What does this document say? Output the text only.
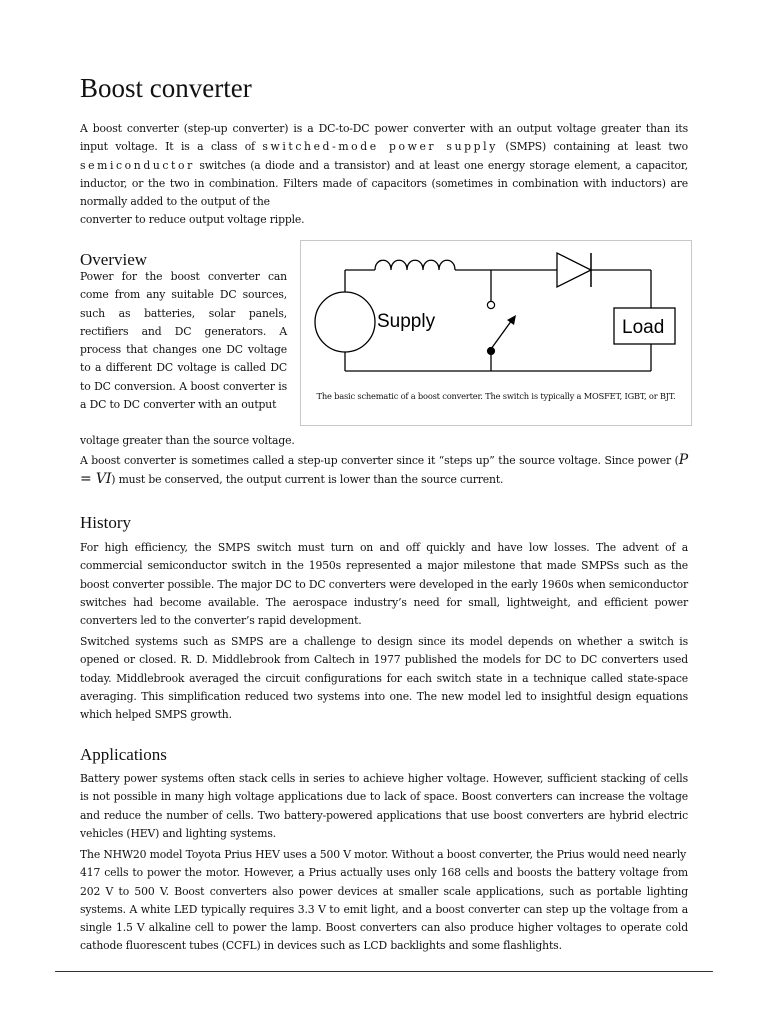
Boost converter

A boost converter (step-up converter) is a DC-to-DC power converter with an output voltage greater than its input voltage. It is a class of switched-mode power supply (SMPS) containing at least two semiconductor switches (a diode and a transistor) and at least one energy storage element, a capacitor, inductor, or the two in combination. Filters made of capacitors (sometimes in combination with inductors) are normally added to the output of the
converter to reduce output voltage ripple.

Overview

Power for the boost converter can come from any suitable DC sources, such as batteries, solar panels, rectifiers and DC generators. A process that changes one DC voltage to a different DC voltage is called DC to DC conversion. A boost converter is a DC to DC converter with an output

voltage greater than the source voltage.

Supply	Load

The basic schematic of a boost converter. The switch is typically a MOSFET, IGBT, or BJT.

A boost converter is sometimes called a step-up converter since it “steps up” the source voltage. Since power (P = VI) must be conserved, the output current is lower than the source current.

History

For high efficiency, the SMPS switch must turn on and off quickly and have low losses. The advent of a commercial semiconductor switch in the 1950s represented a major milestone that made SMPSs such as the boost converter possible. The major DC to DC converters were developed in the early 1960s when semiconductor switches had become available. The aerospace industry’s need for small, lightweight, and efficient power converters led to the converter’s rapid development.

Switched systems such as SMPS are a challenge to design since its model depends on whether a switch is opened or closed. R. D. Middlebrook from Caltech in 1977 published the models for DC to DC converters used today. Middlebrook averaged the circuit configurations for each switch state in a technique called state-space averaging. This simplification reduced two systems into one. The new model led to insightful design equations which helped SMPS growth.

Applications

Battery power systems often stack cells in series to achieve higher voltage. However, sufficient stacking of cells is not possible in many high voltage applications due to lack of space. Boost converters can increase the voltage and reduce the number of cells. Two battery-powered applications that use boost converters are hybrid electric vehicles (HEV) and lighting systems.

The NHW20 model Toyota Prius HEV uses a 500 V motor. Without a boost converter, the Prius would need nearly
417 cells to power the motor. However, a Prius actually uses only 168 cells and boosts the battery voltage from 202 V to 500 V. Boost converters also power devices at smaller scale applications, such as portable lighting systems. A white LED typically requires 3.3 V to emit light, and a boost converter can step up the voltage from a single 1.5 V alkaline cell to power the lamp. Boost converters can also produce higher voltages to operate cold cathode fluorescent tubes (CCFL) in devices such as LCD backlights and some flashlights.
